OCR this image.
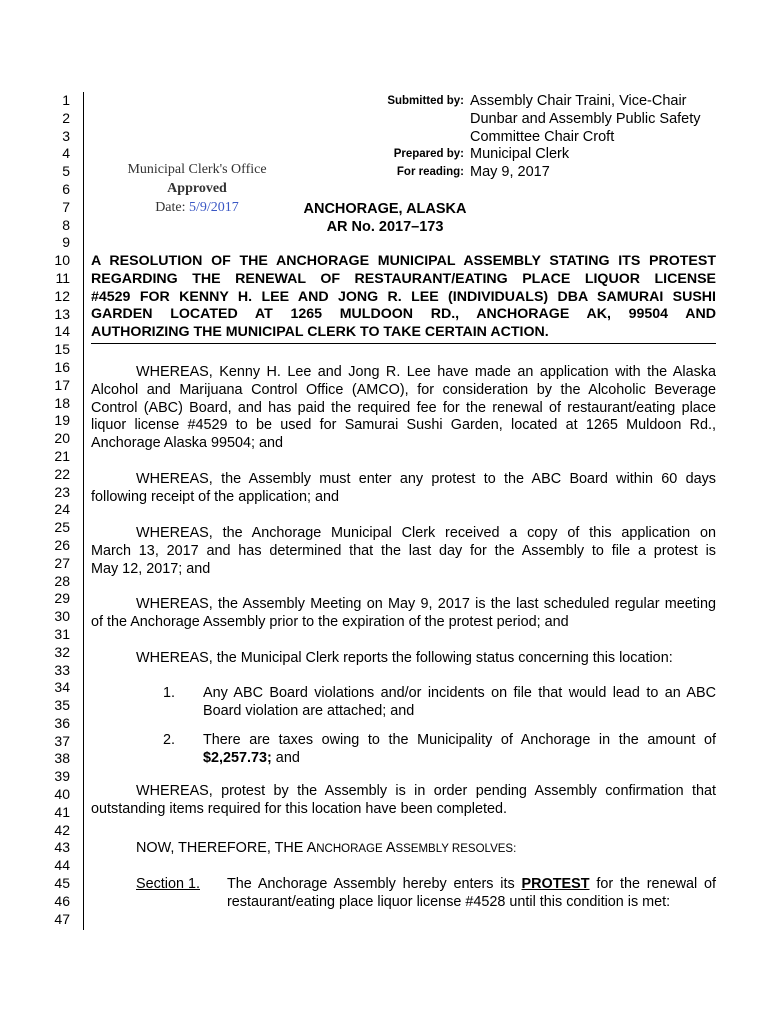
1
2
3
4
5
6
7
8
9
10
11
12
13
14
15
16
17
18
19
20
21
22
23
24
25
26
27
28
29
30
31
32
33
34
35
36
37
38
39
40
41
42
43
44
45
46
47
Submitted by: Assembly Chair Traini, Vice-Chair
Dunbar and Assembly Public Safety
Committee Chair Croft
Prepared by: Municipal Clerk
For reading: May 9, 2017
Municipal Clerk's Office
Approved
Date: 5/9/2017	ANCHORAGE, ALASKA
AR No. 2017–173
A RESOLUTION OF THE ANCHORAGE MUNICIPAL ASSEMBLY STATING ITS PROTEST
REGARDING THE RENEWAL OF RESTAURANT/EATING PLACE LIQUOR LICENSE
#4529 FOR KENNY H. LEE AND JONG R. LEE (INDIVIDUALS) DBA SAMURAI SUSHI
GARDEN LOCATED AT 1265 MULDOON RD., ANCHORAGE AK, 99504 AND
AUTHORIZING THE MUNICIPAL CLERK TO TAKE CERTAIN ACTION.

WHEREAS, Kenny H. Lee and Jong R. Lee have made an application with the Alaska
Alcohol and Marijuana Control Office (AMCO), for consideration by the Alcoholic Beverage
Control (ABC) Board, and has paid the required fee for the renewal of restaurant/eating place
liquor license #4529 to be used for Samurai Sushi Garden, located at 1265 Muldoon Rd.,
Anchorage Alaska 99504; and

WHEREAS, the Assembly must enter any protest to the ABC Board within 60 days
following receipt of the application; and

WHEREAS, the Anchorage Municipal Clerk received a copy of this application on
March 13, 2017 and has determined that the last day for the Assembly to file a protest is
May 12, 2017; and

WHEREAS, the Assembly Meeting on May 9, 2017 is the last scheduled regular meeting
of the Anchorage Assembly prior to the expiration of the protest period; and

WHEREAS, the Municipal Clerk reports the following status concerning this location:

1. Any ABC Board violations and/or incidents on file that would lead to an ABC
Board violation are attached; and
2. There are taxes owing to the Municipality of Anchorage in the amount of
$2,257.73; and

WHEREAS, protest by the Assembly is in order pending Assembly confirmation that
outstanding items required for this location have been completed.

NOW, THEREFORE, THE ANCHORAGE ASSEMBLY RESOLVES:
Section 1. The Anchorage Assembly hereby enters its PROTEST for the renewal of
restaurant/eating place liquor license #4528 until this condition is met:
